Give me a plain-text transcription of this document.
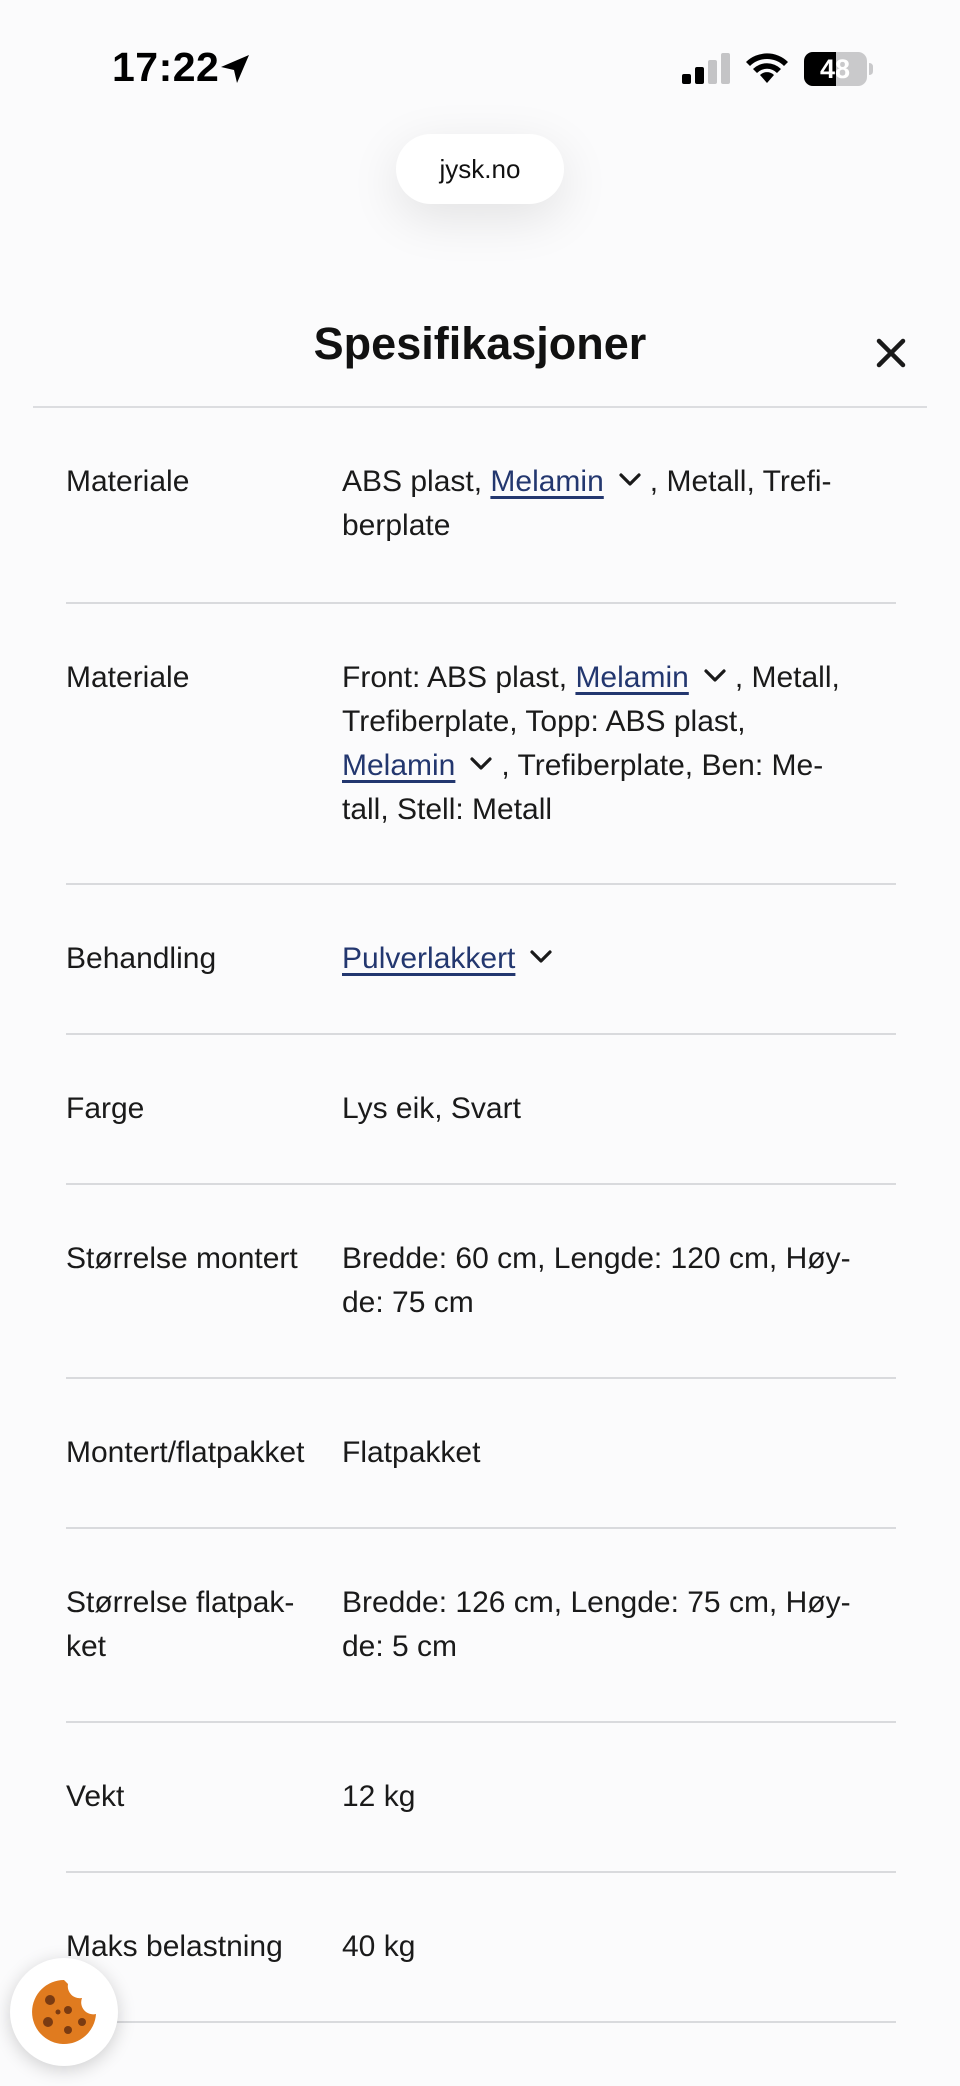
17:22	48
jysk.no
Spesifikasjoner
Materiale	ABS plast, Melamin , Metall, Trefi-
berplate
Materiale	Front: ABS plast, Melamin , Metall,
Trefiberplate, Topp: ABS plast,
Melamin , Trefiberplate, Ben: Me-
tall, Stell: Metall
Behandling	Pulverlakkert
Farge	Lys eik, Svart
Størrelse montert Bredde: 60 cm, Lengde: 120 cm, Høy-
de: 75 cm
Montert/flatpakket Flatpakket
Størrelse flatpak-
ket
Bredde: 126 cm, Lengde: 75 cm, Høy-
de: 5 cm
Vekt	12 kg
Maks belastning 40 kg
